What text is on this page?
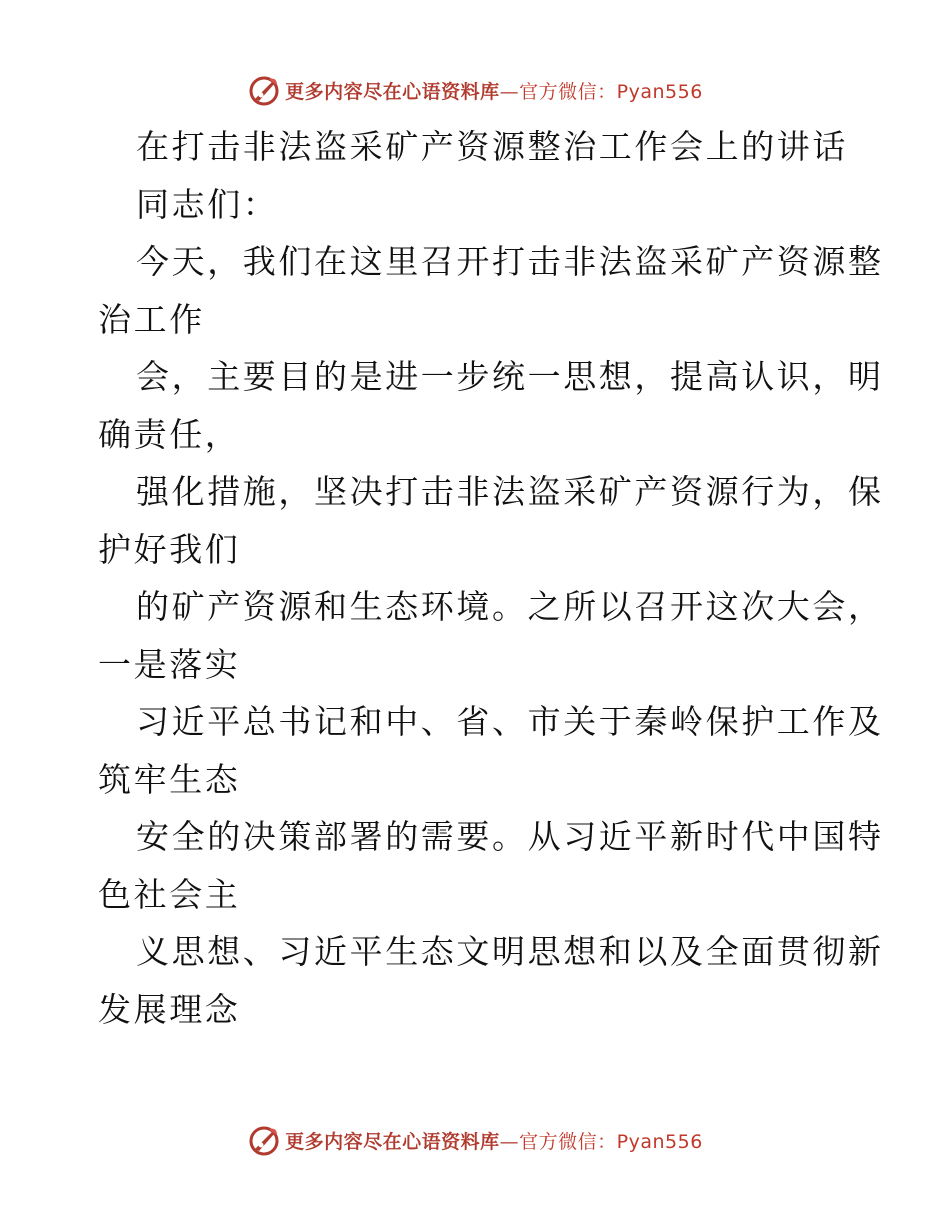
更多内容尽在心语资料库—官方微信：Pyan556
在打击非法盗采矿产资源整治工作会上的讲话
同志们：
今天，我们在这里召开打击非法盗采矿产资源整
治工作
会，主要目的是进一步统一思想，提高认识，明
确责任，
强化措施，坚决打击非法盗采矿产资源行为，保
护好我们
的矿产资源和生态环境。之所以召开这次大会，
一是落实
习近平总书记和中、省、市关于秦岭保护工作及
筑牢生态
安全的决策部署的需要。从习近平新时代中国特
色社会主
义思想、习近平生态文明思想和以及全面贯彻新
发展理念
更多内容尽在心语资料库—官方微信：Pyan556
